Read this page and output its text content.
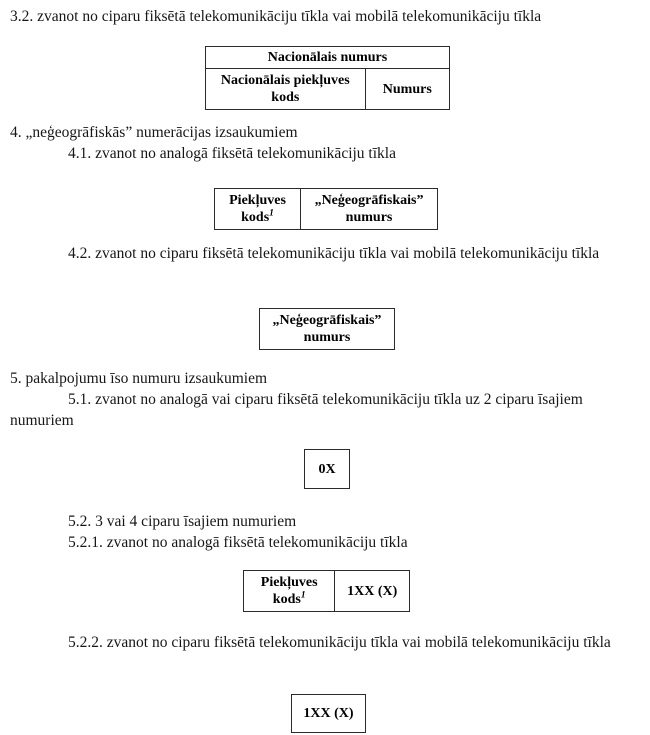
3.2. zvanot no ciparu fiksētā telekomunikāciju tīkla vai mobilā telekomunikāciju tīkla

Nacionālais numurs
Nacionālais piekļuves kods	Numurs

4. „neģeogrāfiskās” numerācijas izsaukumiem

4.1. zvanot no analogā fiksētā telekomunikāciju tīkla

Piekļuves kods$^1$	„Neģeogrāfiskais” numurs

4.2. zvanot no ciparu fiksētā telekomunikāciju tīkla vai mobilā telekomunikāciju tīkla

„Neģeogrāfiskais” numurs

5. pakalpojumu īso numuru izsaukumiem

5.1. zvanot no analogā vai ciparu fiksētā telekomunikāciju tīkla uz 2 ciparu īsajiem numuriem

0X

5.2. 3 vai 4 ciparu īsajiem numuriem

5.2.1. zvanot no analogā fiksētā telekomunikāciju tīkla

Piekļuves kods$^1$	1XX (X)

5.2.2. zvanot no ciparu fiksētā telekomunikāciju tīkla vai mobilā telekomunikāciju tīkla

1XX (X)
